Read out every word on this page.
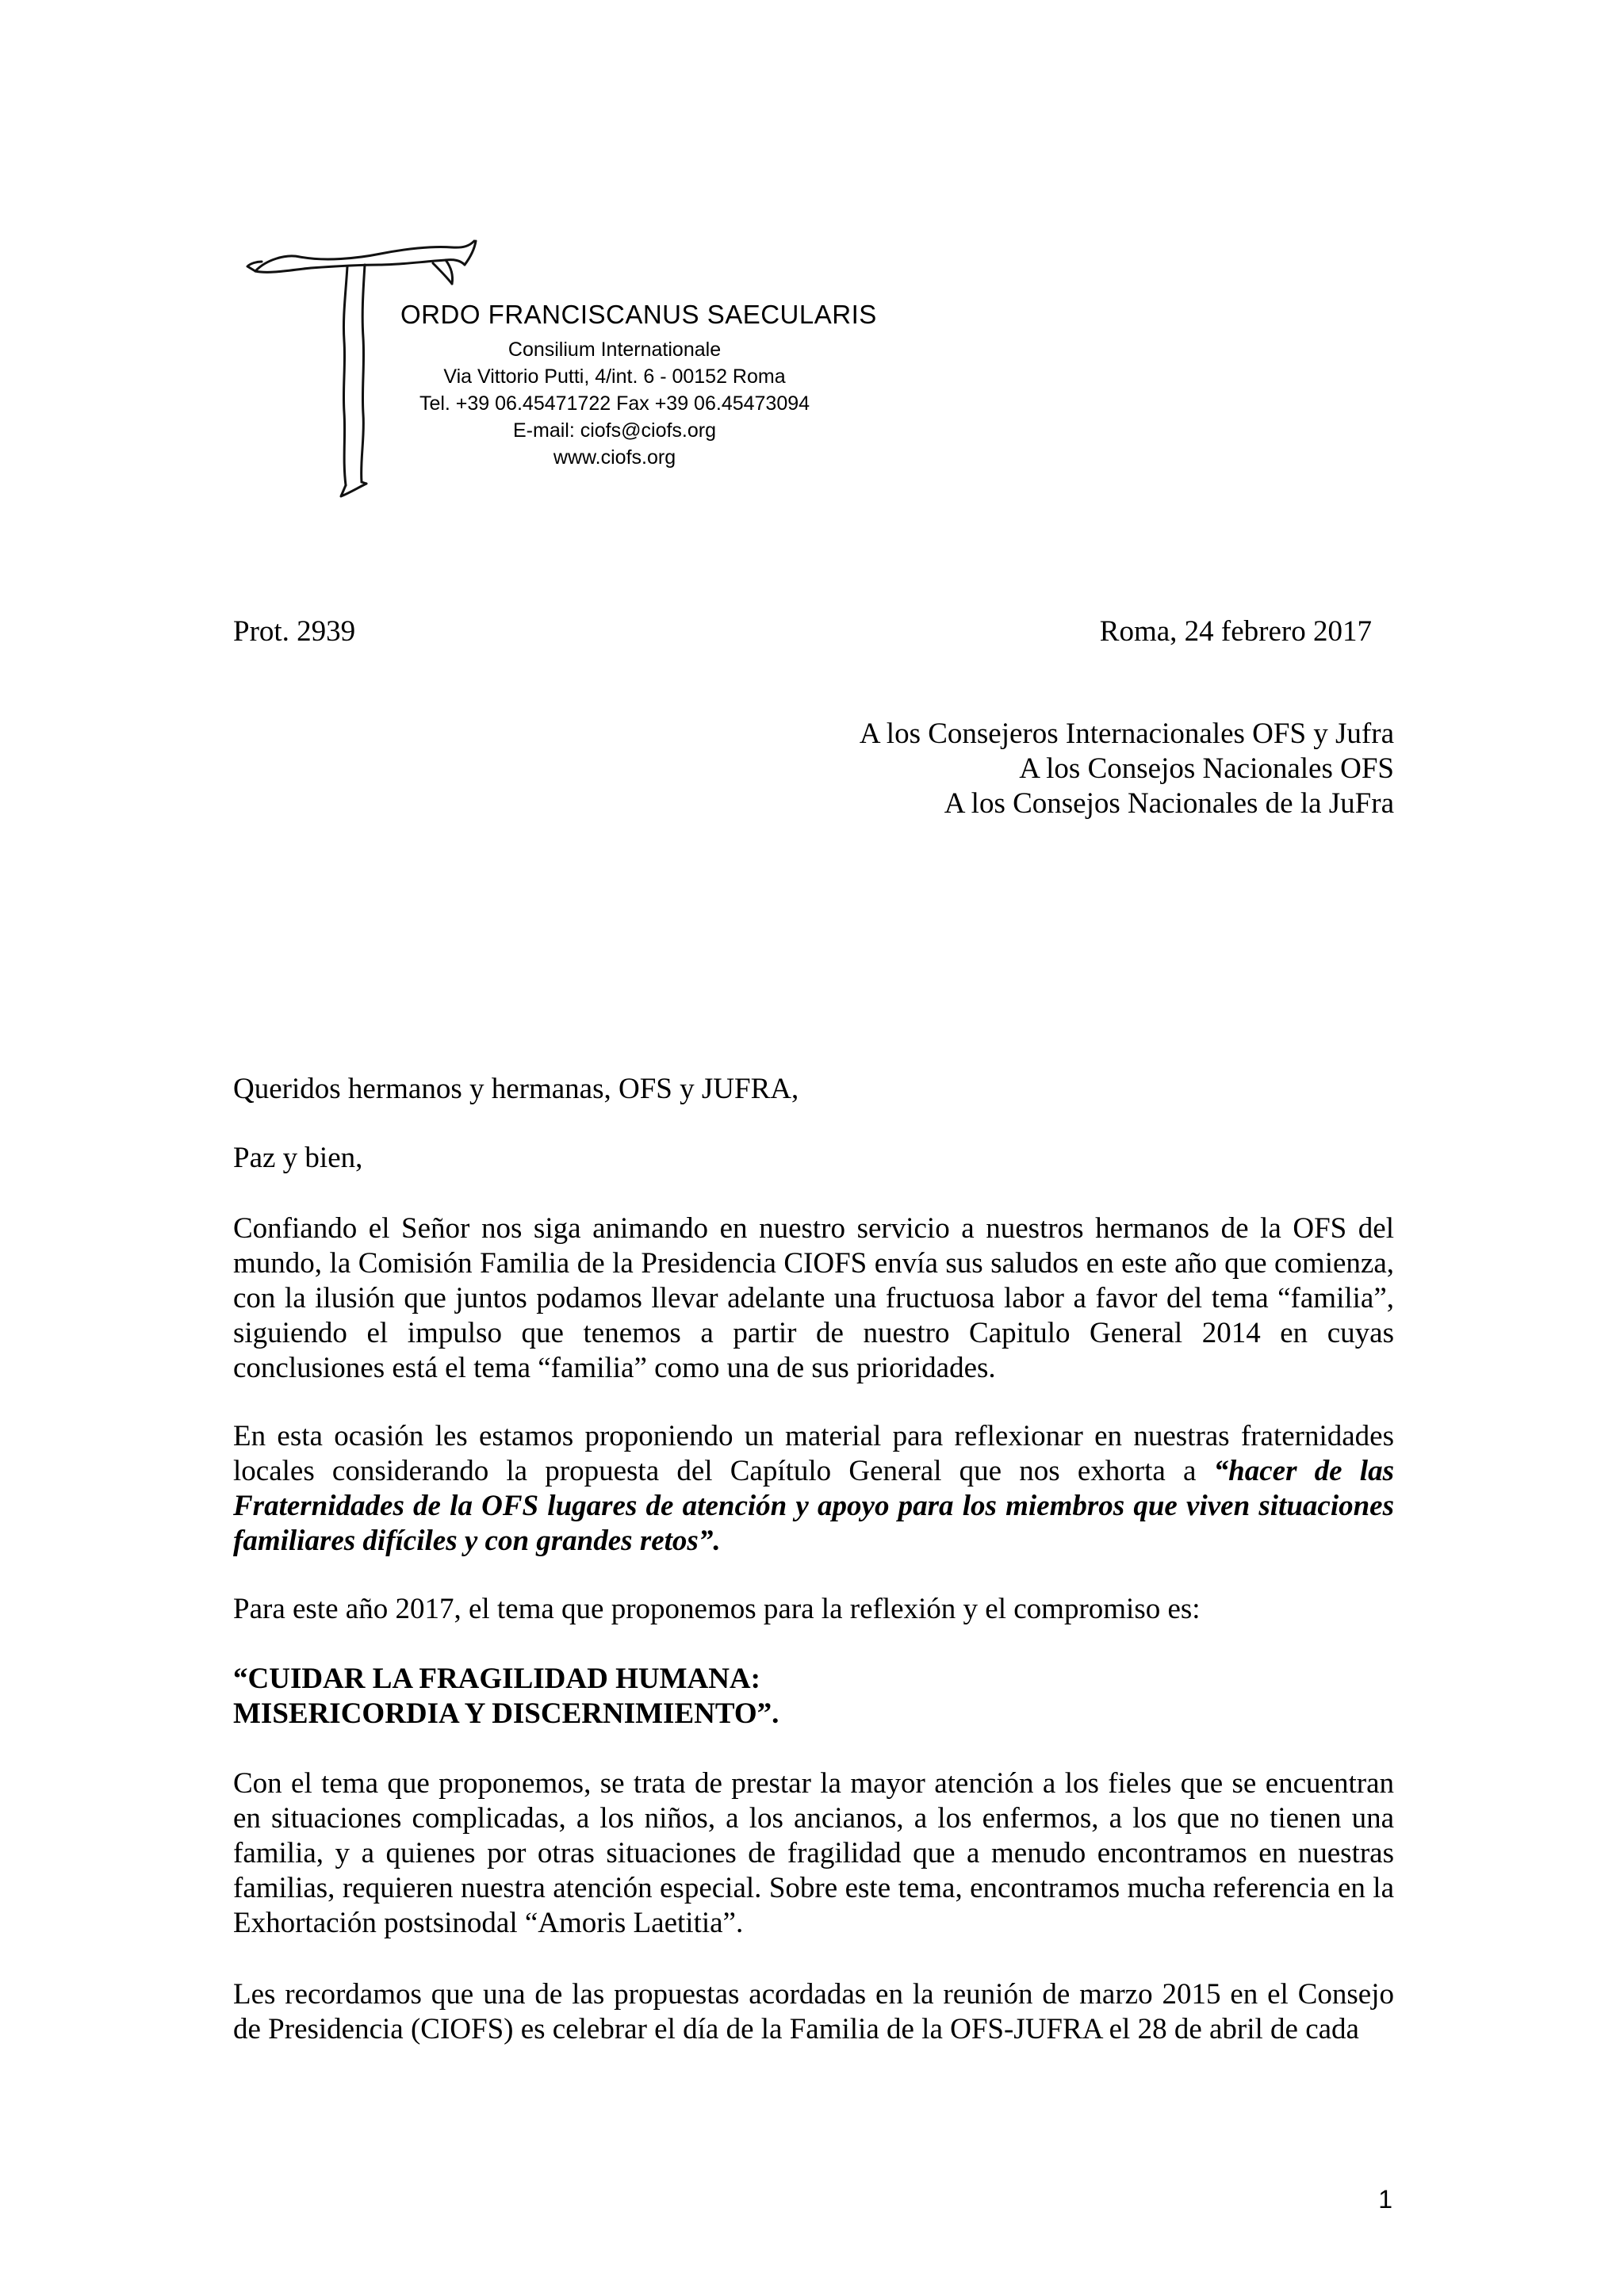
ORDO FRANCISCANUS SAECULARIS
Consilium Internationale
Via Vittorio Putti, 4/int. 6 - 00152 Roma
Tel. +39 06.45471722 Fax +39 06.45473094
E-mail: ciofs@ciofs.org
www.ciofs.org
Prot. 2939	Roma, 24 febrero 2017
A los Consejeros Internacionales OFS y Jufra
A los Consejos Nacionales OFS
A los Consejos Nacionales de la JuFra

Queridos hermanos y hermanas, OFS y JUFRA,

Paz y bien,

Confiando el Señor nos siga animando en nuestro servicio a nuestros hermanos de la OFS del mundo, la Comisión Familia de la Presidencia CIOFS envía sus saludos en este año que comienza, con la ilusión que juntos podamos llevar adelante una fructuosa labor a favor del tema “familia”, siguiendo el impulso que tenemos a partir de nuestro Capitulo General 2014 en cuyas conclusiones está el tema “familia” como una de sus prioridades.

En esta ocasión les estamos proponiendo un material para reflexionar en nuestras fraternidades locales considerando la propuesta del Capítulo General que nos exhorta a “hacer de las Fraternidades de la OFS lugares de atención y apoyo para los miembros que viven situaciones familiares difíciles y con grandes retos”.

Para este año 2017, el tema que proponemos para la reflexión y el compromiso es:

“CUIDAR LA FRAGILIDAD HUMANA:
MISERICORDIA Y DISCERNIMIENTO”.

Con el tema que proponemos, se trata de prestar la mayor atención a los fieles que se encuentran en situaciones complicadas, a los niños, a los ancianos, a los enfermos, a los que no tienen una familia, y a quienes por otras situaciones de fragilidad que a menudo encontramos en nuestras familias, requieren nuestra atención especial. Sobre este tema, encontramos mucha referencia en la Exhortación postsinodal “Amoris Laetitia”.

Les recordamos que una de las propuestas acordadas en la reunión de marzo 2015 en el Consejo de Presidencia (CIOFS) es celebrar el día de la Familia de la OFS-JUFRA el 28 de abril de cada

1
